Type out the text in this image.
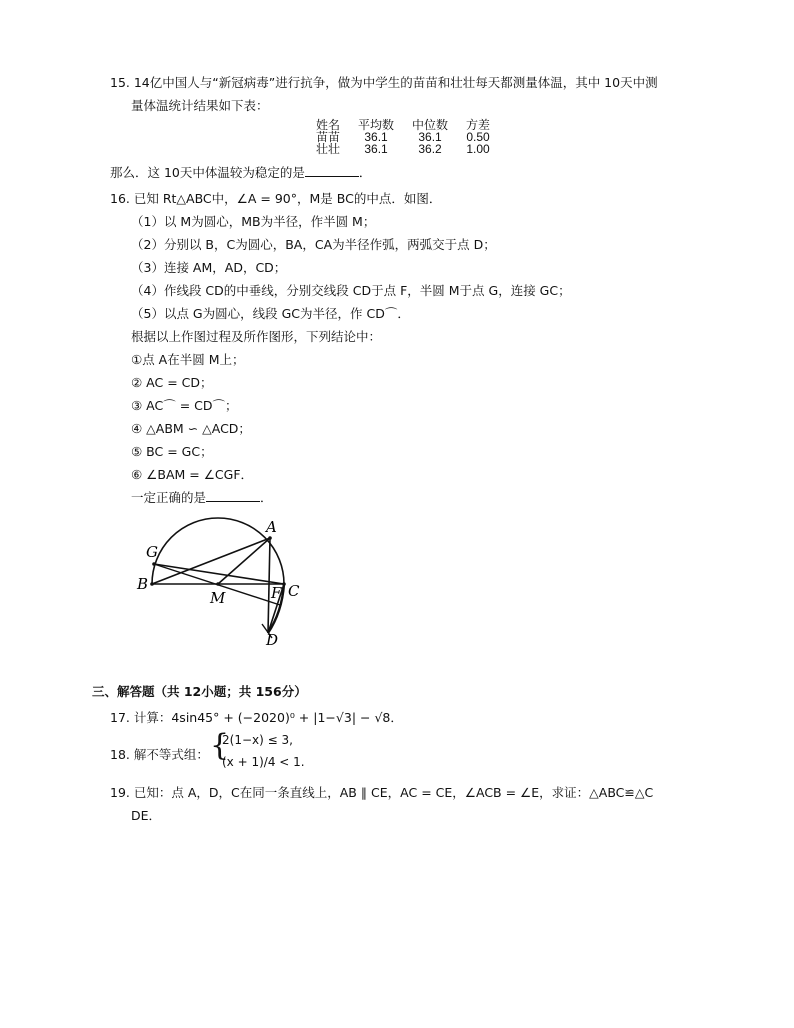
15. 14亿中国人与“新冠病毒”进行抗争，做为中学生的苗苗和壮壮每天都测量体温，其中 10天中测
量体温统计结果如下表：
姓名	平均数	中位数	方差
苗苗	36.1	36.1	0.50
壮壮	36.1	36.2	1.00
那么．这 10天中体温较为稳定的是	．
16. 已知 Rt△ABC中，∠A = 90°，M是 BC的中点．如图．
（1）以 M为圆心，MB为半径，作半圆 M；
（2）分别以 B，C为圆心，BA，CA为半径作弧，两弧交于点 D；
（3）连接 AM，AD，CD；
（4）作线段 CD的中垂线，分别交线段 CD于点 F，半圆 M于点 G，连接 GC；
（5）以点 G为圆心，线段 GC为半径，作 CD⌒．
根据以上作图过程及所作图形，下列结论中：
①点 A在半圆 M上；
② AC = CD；
③ AC⌒ = CD⌒；
④ △ABM ∽ △ACD；
⑤ BC = GC；
⑥ ∠BAM = ∠CGF．
一定正确的是	．
G
A
B
M	F C
D
三、解答题（共 12小题；共 156分）
17. 计算：4sin45° + (−2020)⁰ + |1−√3| − √8．
18. 解不等式组： {
2(1−x) ≤ 3,
(x + 1)/4 < 1.
19. 已知：点 A，D，C在同一条直线上，AB ∥ CE，AC = CE，∠ACB = ∠E，求证：△ABC≌△C
DE．
